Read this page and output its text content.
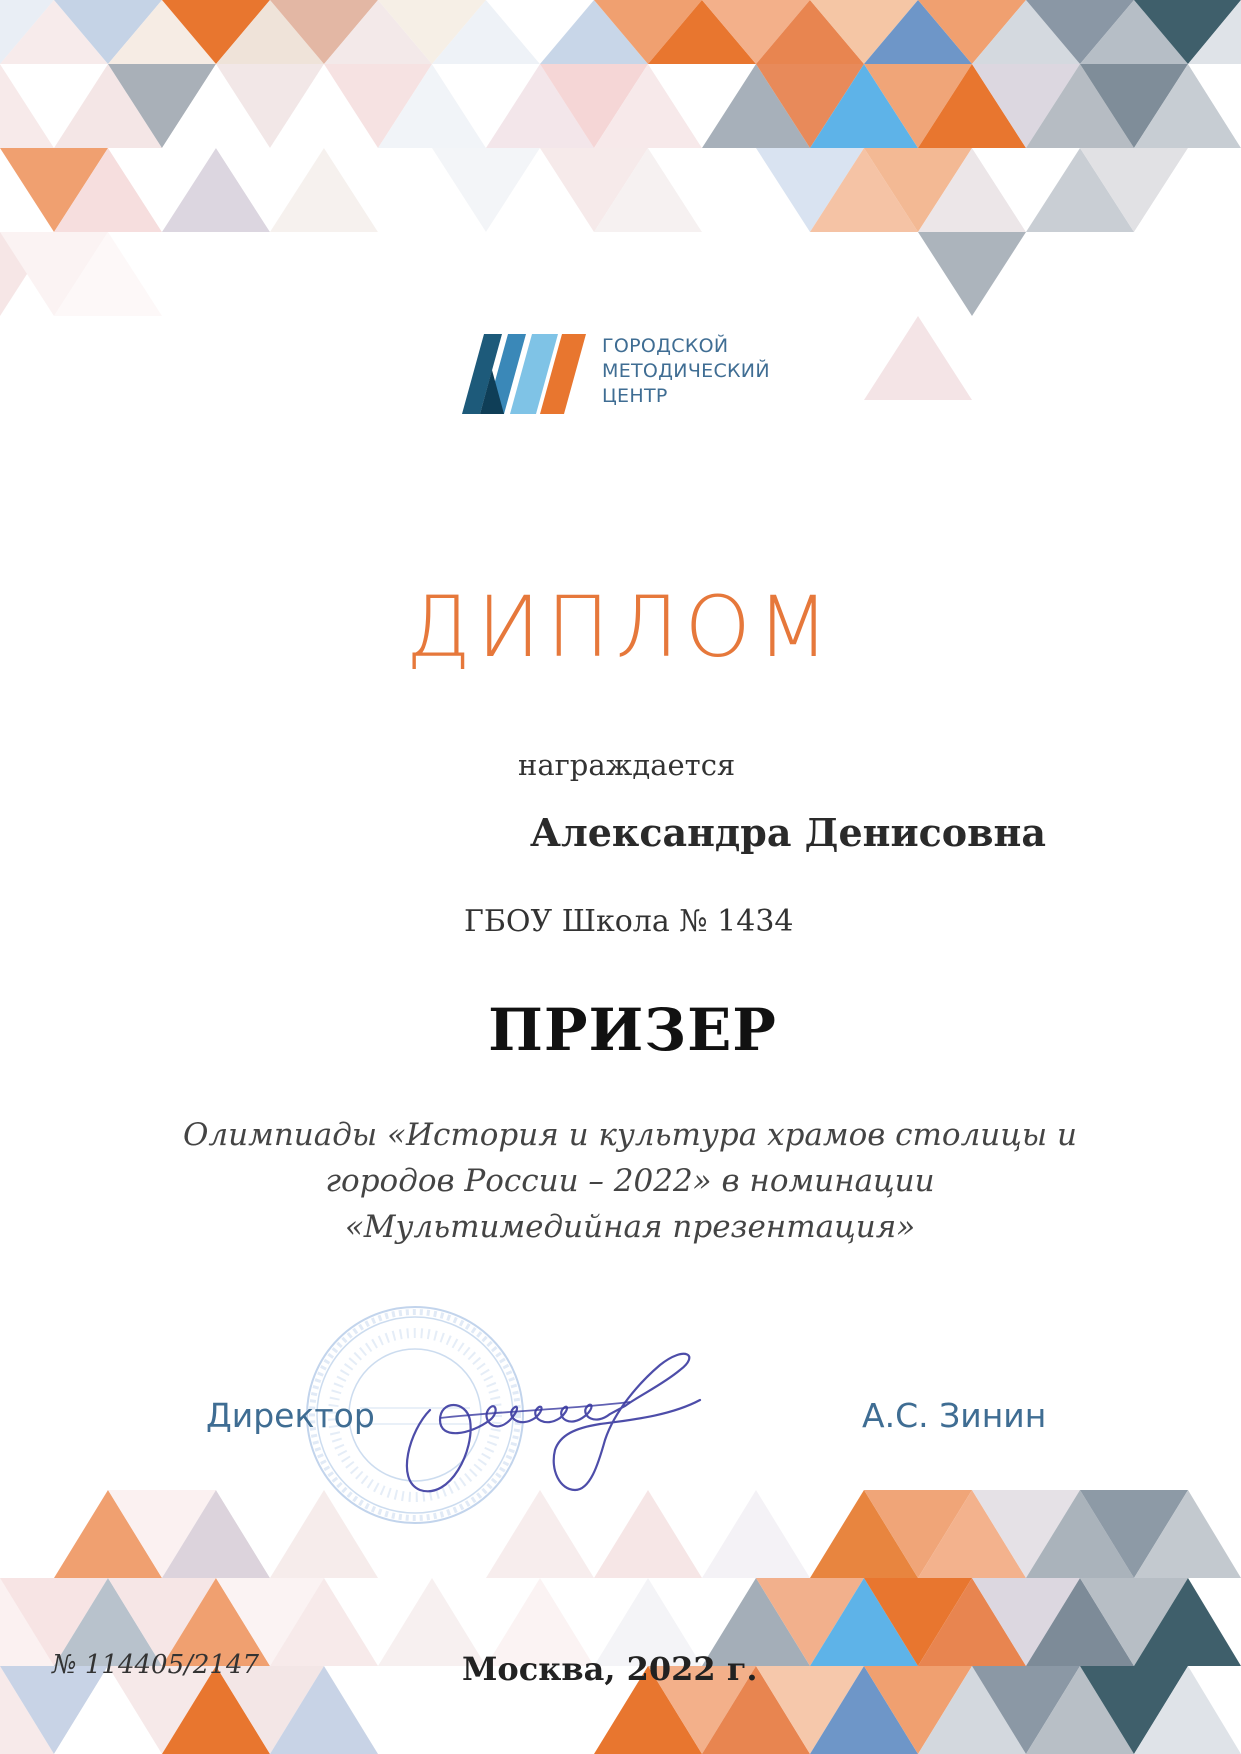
ГОРОДСКОЙ
МЕТОДИЧЕСКИЙ
ЦЕНТР
ДИПЛОМ
награждается
Александра Денисовна
ГБОУ Школа № 1434
ПРИЗЕР
Олимпиады «История и культура храмов столицы и
городов России – 2022» в номинации
«Мультимедийная презентация»
Директор	А.С. Зинин
№ 114405/2147	Москва, 2022 г.
